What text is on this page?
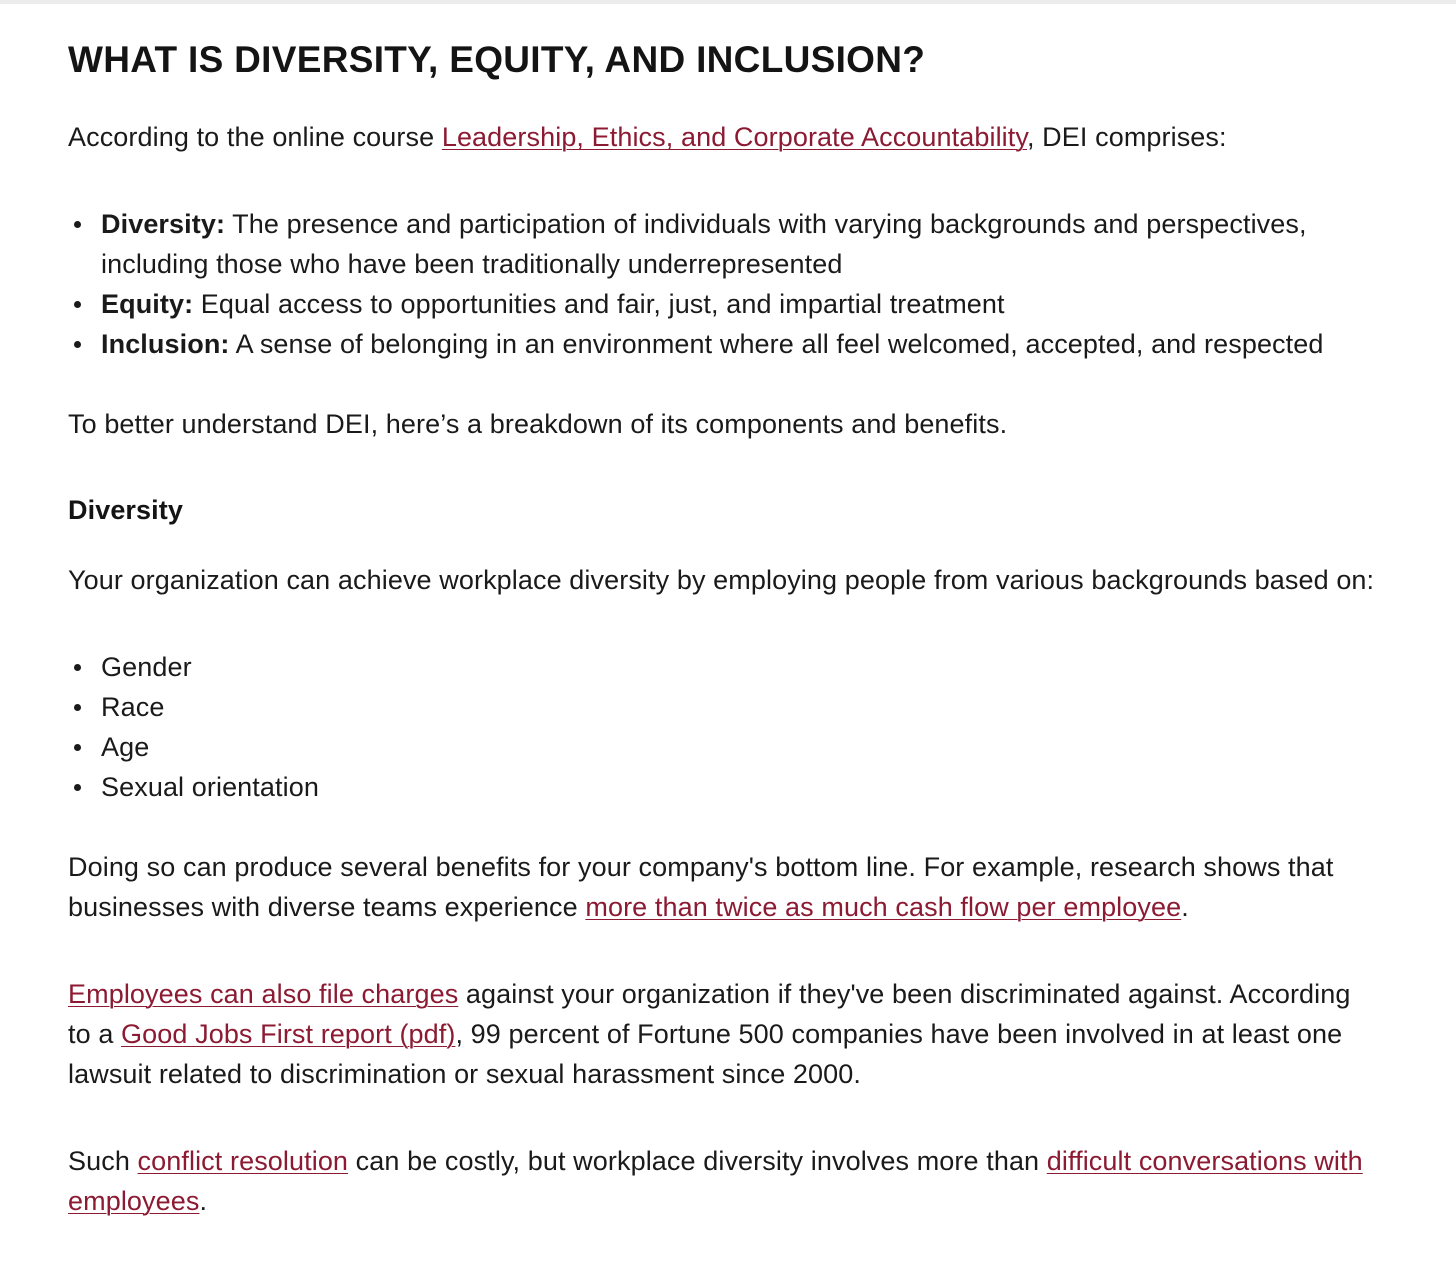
WHAT IS DIVERSITY, EQUITY, AND INCLUSION?

According to the online course Leadership, Ethics, and Corporate Accountability, DEI comprises:

Diversity: The presence and participation of individuals with varying backgrounds and perspectives, including those who have been traditionally underrepresented
Equity: Equal access to opportunities and fair, just, and impartial treatment
Inclusion: A sense of belonging in an environment where all feel welcomed, accepted, and respected

To better understand DEI, here’s a breakdown of its components and benefits.

Diversity

Your organization can achieve workplace diversity by employing people from various backgrounds based on:

Gender
Race
Age
Sexual orientation

Doing so can produce several benefits for your company's bottom line. For example, research shows that businesses with diverse teams experience more than twice as much cash flow per employee.

Employees can also file charges against your organization if they've been discriminated against. According to a Good Jobs First report (pdf), 99 percent of Fortune 500 companies have been involved in at least one lawsuit related to discrimination or sexual harassment since 2000.

Such conflict resolution can be costly, but workplace diversity involves more than difficult conversations with employees.
